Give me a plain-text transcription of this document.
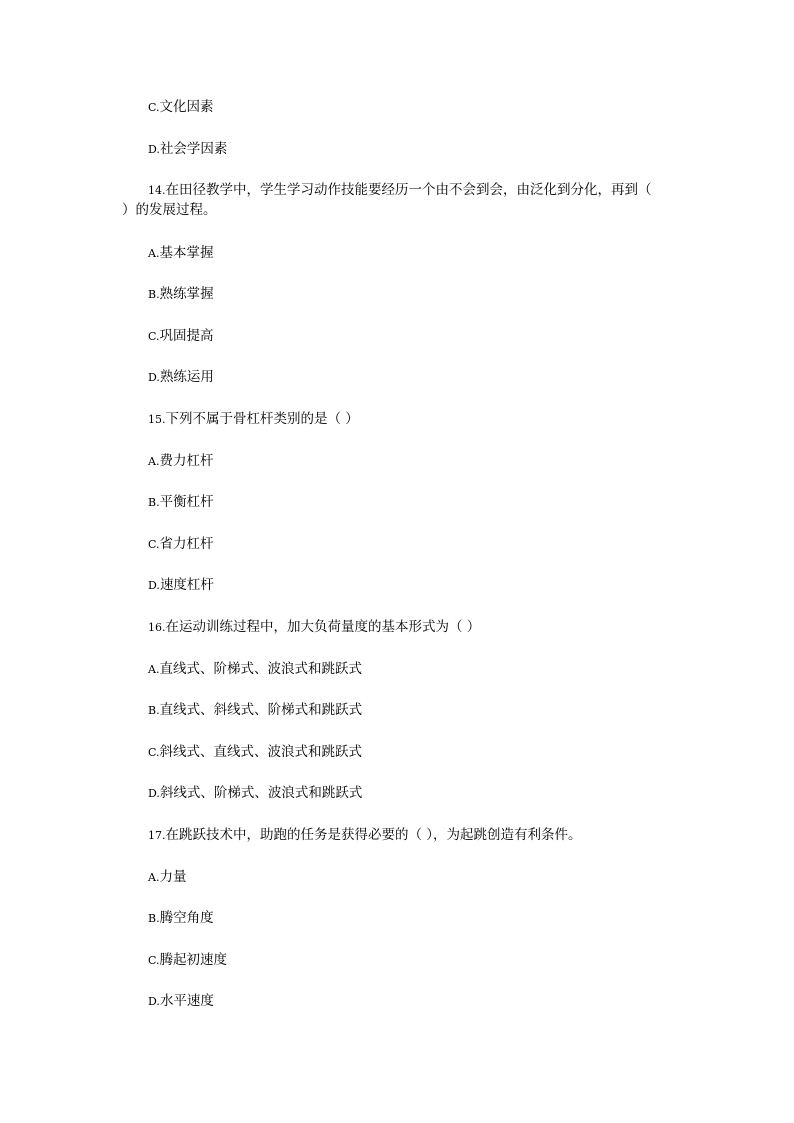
C.文化因素
D.社会学因素
14.在田径教学中，学生学习动作技能要经历一个由不会到会，由泛化到分化，再到（
）的发展过程。
A.基本掌握
B.熟练掌握
C.巩固提高
D.熟练运用
15.下列不属于骨杠杆类别的是（ ）
A.费力杠杆
B.平衡杠杆
C.省力杠杆
D.速度杠杆
16.在运动训练过程中，加大负荷量度的基本形式为（ ）
A.直线式、阶梯式、波浪式和跳跃式
B.直线式、斜线式、阶梯式和跳跃式
C.斜线式、直线式、波浪式和跳跃式
D.斜线式、阶梯式、波浪式和跳跃式
17.在跳跃技术中，助跑的任务是获得必要的（ ），为起跳创造有利条件。
A.力量
B.腾空角度
C.腾起初速度
D.水平速度
